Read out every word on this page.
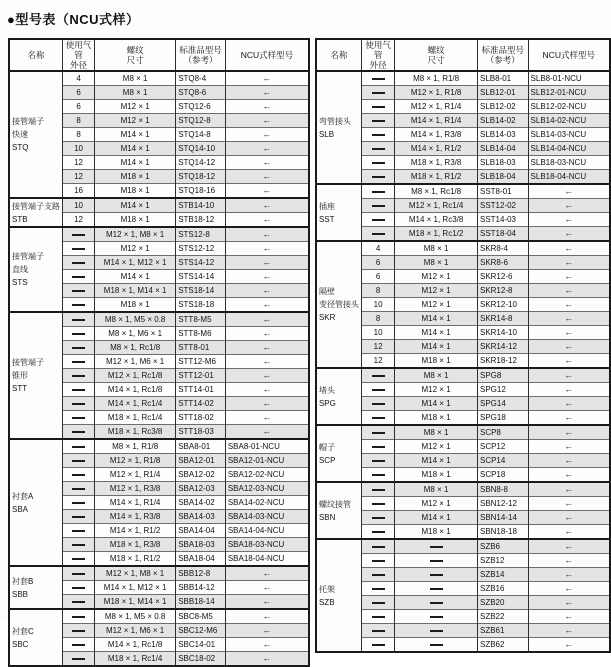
●型号表（NCU式样）
名称	使用气管
外径	螺纹
尺寸	标准品型号
（参考）	NCU式样型号

接管端子
快速
STQ	4	M8 × 1	STQ8-4	←
	6	M8 × 1	STQ8-6	←
	6	M12 × 1	STQ12-6	←
	8	M12 × 1	STQ12-8	←
	8	M14 × 1	STQ14-8	←
	10	M14 × 1	STQ14-10	←
	12	M14 × 1	STQ14-12	←
	12	M18 × 1	STQ18-12	←
	16	M18 × 1	STQ18-16	←

接管端子支路
STB	10	M14 × 1	STB14-10	←
	12	M18 × 1	STB18-12	←

接管端子
直线
STS		M12 × 1, M8 × 1	STS12-8	←
		M12 × 1	STS12-12	←
		M14 × 1, M12 × 1	STS14-12	←
		M14 × 1	STS14-14	←
		M18 × 1, M14 × 1	STS18-14	←
		M18 × 1	STS18-18	←

接管端子
锥形
STT		M8 × 1, M5 × 0.8	STT8-M5	←
		M8 × 1, M6 × 1	STT8-M6	←
		M8 × 1, Rc1/8	STT8-01	←
		M12 × 1, M6 × 1	STT12-M6	←
		M12 × 1, Rc1/8	STT12-01	←
		M14 × 1, Rc1/8	STT14-01	←
		M14 × 1, Rc1/4	STT14-02	←
		M18 × 1, Rc1/4	STT18-02	←
		M18 × 1, Rc3/8	STT18-03	←

衬套A
SBA		M8 × 1, R1/8	SBA8-01	SBA8-01-NCU
		M12 × 1, R1/8	SBA12-01	SBA12-01-NCU
		M12 × 1, R1/4	SBA12-02	SBA12-02-NCU
		M12 × 1, R3/8	SBA12-03	SBA12-03-NCU
		M14 × 1, R1/4	SBA14-02	SBA14-02-NCU
		M14 × 1, R3/8	SBA14-03	SBA14-03-NCU
		M14 × 1, R1/2	SBA14-04	SBA14-04-NCU
		M18 × 1, R3/8	SBA18-03	SBA18-03-NCU
		M18 × 1, R1/2	SBA18-04	SBA18-04-NCU

衬套B
SBB		M12 × 1, M8 × 1	SBB12-8	←
		M14 × 1, M12 × 1	SBB14-12	←
		M18 × 1, M14 × 1	SBB18-14	←

衬套C
SBC		M8 × 1, M5 × 0.8	SBC8-M5	←
		M12 × 1, M6 × 1	SBC12-M6	←
		M14 × 1, Rc1/8	SBC14-01	←
		M18 × 1, Rc1/4	SBC18-02	←
名称	使用气管
外径	螺纹
尺寸	标准品型号
（参考）	NCU式样型号

弯管接头
SLB		M8 × 1, R1/8	SLB8-01	SLB8-01-NCU
		M12 × 1, R1/8	SLB12-01	SLB12-01-NCU
		M12 × 1, R1/4	SLB12-02	SLB12-02-NCU
		M14 × 1, R1/4	SLB14-02	SLB14-02-NCU
		M14 × 1, R3/8	SLB14-03	SLB14-03-NCU
		M14 × 1, R1/2	SLB14-04	SLB14-04-NCU
		M18 × 1, R3/8	SLB18-03	SLB18-03-NCU
		M18 × 1, R1/2	SLB18-04	SLB18-04-NCU

插座
SST		M8 × 1, Rc1/8	SST8-01	←
		M12 × 1, Rc1/4	SST12-02	←
		M14 × 1, Rc3/8	SST14-03	←
		M18 × 1, Rc1/2	SST18-04	←

隔壁
变径管接头
SKR	4	M8 × 1	SKR8-4	←
	6	M8 × 1	SKR8-6	←
	6	M12 × 1	SKR12-6	←
	8	M12 × 1	SKR12-8	←
	10	M12 × 1	SKR12-10	←
	8	M14 × 1	SKR14-8	←
	10	M14 × 1	SKR14-10	←
	12	M14 × 1	SKR14-12	←
	12	M18 × 1	SKR18-12	←

堵头
SPG		M8 × 1	SPG8	←
		M12 × 1	SPG12	←
		M14 × 1	SPG14	←
		M18 × 1	SPG18	←

帽子
SCP		M8 × 1	SCP8	←
		M12 × 1	SCP12	←
		M14 × 1	SCP14	←
		M18 × 1	SCP18	←

螺纹接管
SBN		M8 × 1	SBN8-8	←
		M12 × 1	SBN12-12	←
		M14 × 1	SBN14-14	←
		M18 × 1	SBN18-18	←

托架
SZB			SZB6	←
			SZB12	←
			SZB14	←
			SZB16	←
			SZB20	←
			SZB22	←
			SZB61	←
			SZB62	←
